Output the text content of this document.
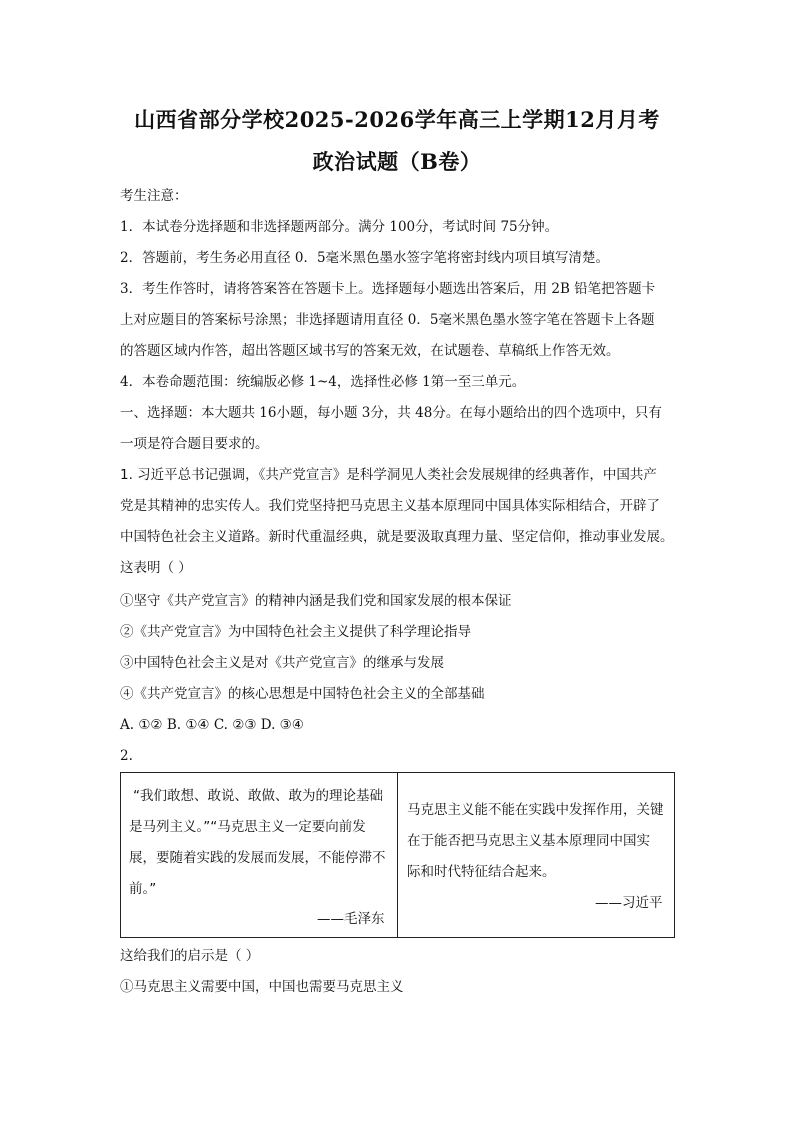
山西省部分学校2025-2026学年高三上学期12月月考
政治试题（B卷）
考生注意：
1．本试卷分选择题和非选择题两部分。满分 100分，考试时间 75分钟。
2．答题前，考生务必用直径 0．5毫米黑色墨水签字笔将密封线内项目填写清楚。
3．考生作答时，请将答案答在答题卡上。选择题每小题选出答案后，用 2B 铅笔把答题卡
上对应题目的答案标号涂黑；非选择题请用直径 0．5毫米黑色墨水签字笔在答题卡上各题
的答题区域内作答，超出答题区域书写的答案无效，在试题卷、草稿纸上作答无效。
4．本卷命题范围：统编版必修 1~4，选择性必修 1第一至三单元。
一、选择题：本大题共 16小题，每小题 3分，共 48分。在每小题给出的四个选项中，只有
一项是符合题目要求的。
1. 习近平总书记强调，《共产党宣言》是科学洞见人类社会发展规律的经典著作，中国共产
党是其精神的忠实传人。我们党坚持把马克思主义基本原理同中国具体实际相结合，开辟了
中国特色社会主义道路。新时代重温经典，就是要汲取真理力量、坚定信仰，推动事业发展。
这表明（ ）
①坚守《共产党宣言》的精神内涵是我们党和国家发展的根本保证
②《共产党宣言》为中国特色社会主义提供了科学理论指导
③中国特色社会主义是对《共产党宣言》的继承与发展
④《共产党宣言》的核心思想是中国特色社会主义的全部基础
A. ①② B. ①④ C. ②③ D. ③④
2.
“我们敢想、敢说、敢做、敢为的理论基础
是马列主义。”“马克思主义一定要向前发
展，要随着实践的发展而发展，不能停滞不
前。”
——毛泽东
马克思主义能不能在实践中发挥作用，关键
在于能否把马克思主义基本原理同中国实
际和时代特征结合起来。
——习近平
这给我们的启示是（ ）
①马克思主义需要中国，中国也需要马克思主义
